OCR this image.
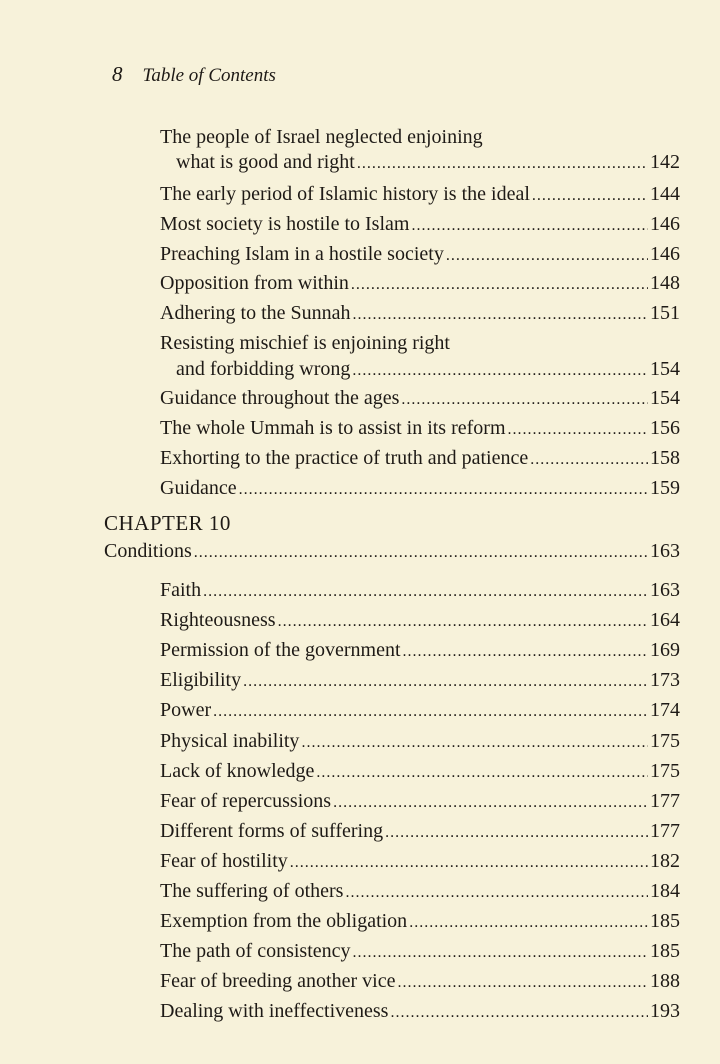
8 Table of Contents
CHAPTER 10
The people of Israel neglected enjoining
what is good and right .....	142
The early period of Islamic history is the ideal .....	144
Most society is hostile to Islam .....	146
Preaching Islam in a hostile society .....	146
Opposition from within .....	148
Adhering to the Sunnah .....	151
Resisting mischief is enjoining right
and forbidding wrong .....	154
Guidance throughout the ages .....	154
The whole Ummah is to assist in its reform .....	156
Exhorting to the practice of truth and patience .....	158
Guidance .....	159
Conditions .....	163
Faith .....	163
Righteousness .....	164
Permission of the government .....	169
Eligibility .....	173
Power .....	174
Physical inability .....	175
Lack of knowledge .....	175
Fear of repercussions .....	177
Different forms of suffering .....	177
Fear of hostility .....	182
The suffering of others .....	184
Exemption from the obligation .....	185
The path of consistency .....	185
Fear of breeding another vice .....	188
Dealing with ineffectiveness .....	193
